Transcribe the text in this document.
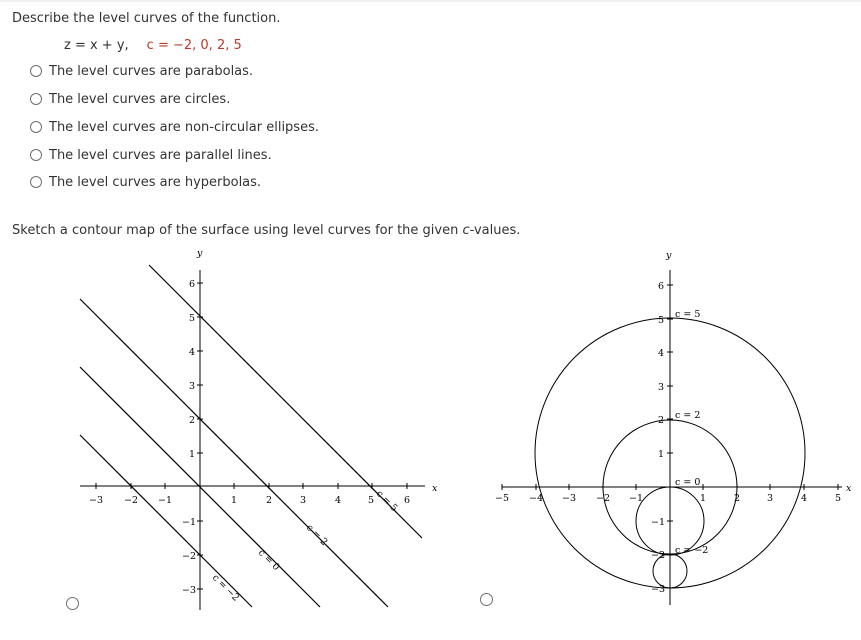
Describe the level curves of the function.
z = x + y, c = −2, 0, 2, 5
The level curves are parabolas.
The level curves are circles.
The level curves are non-circular ellipses.
The level curves are parallel lines.
The level curves are hyperbolas.
Sketch a contour map of the surface using level curves for the given c-values.
x
y
−3 −2 −1	1	2	3	4	5	6
6
5
4
3
2
1
−1
−2
−3 c = −2
c = 0
c = 2
c = 5	x
y
−5 −4 −3 −2 −1	1	2	3	4	5
6
5
4
3
2
1
−1
−2
−3
c = 5
c = 2
c = 0
c = −2
